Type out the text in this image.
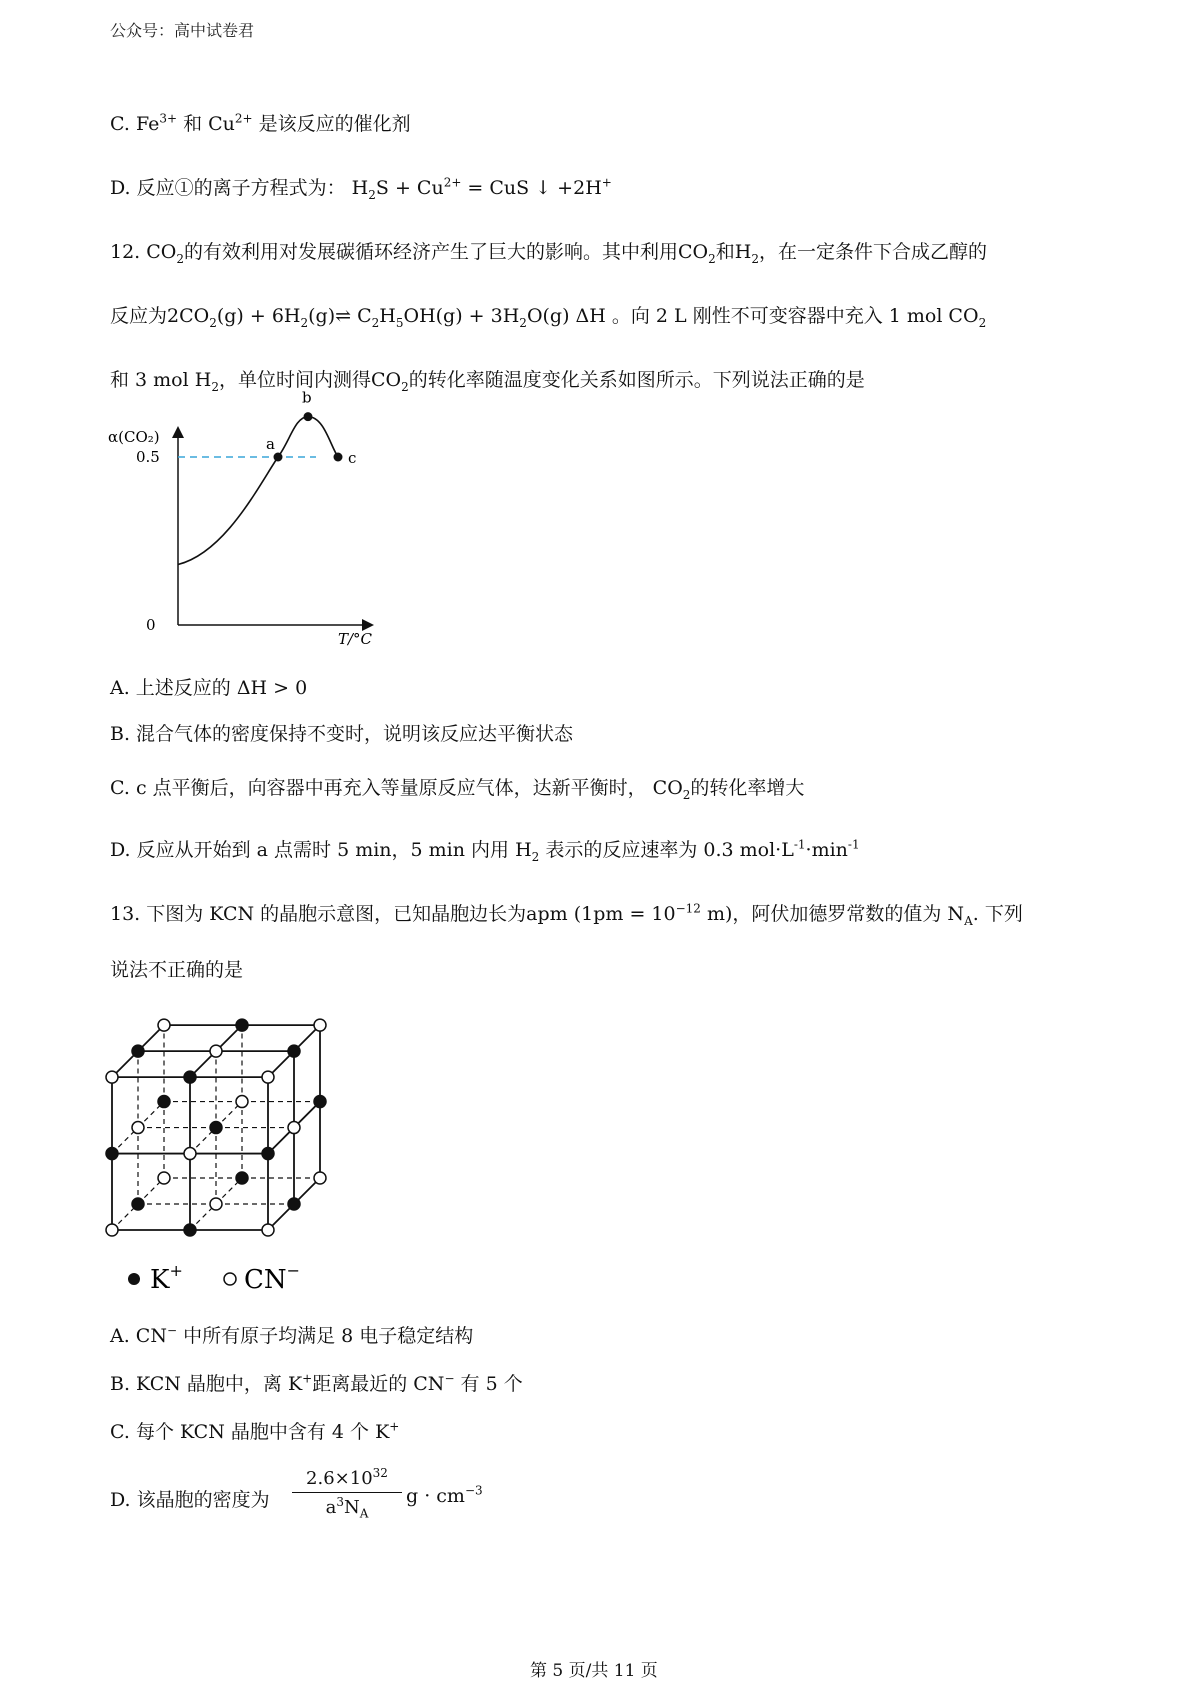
公众号：高中试卷君
C. $Fe^{3+}$ 和 $Cu^{2+}$ 是该反应的催化剂
D. 反应①的离子方程式为： $H_2S + Cu^{2+}$ = CuS ↓ +2H+
12. $CO_2$的有效利用对发展碳循环经济产生了巨大的影响。其中利用$CO_2$和$H_2$，在一定条件下合成乙醇的
反应为$2CO_2(g)$ + $6H_2(g)\rightleftharpoons$ $C_2H_5OH(g) + 3H_2O(g)$ ΔH 。向 2 L 刚性不可变容器中充入 1 mol $CO_2$
和 3 mol $H_2$，单位时间内测得$CO_2$的转化率随温度变化关系如图所示。下列说法正确的是
α(CO₂)
T/°C
0
0.5
a
b
c
A. 上述反应的 ΔH > 0
B. 混合气体的密度保持不变时，说明该反应达平衡状态
C. c 点平衡后，向容器中再充入等量原反应气体，达新平衡时， $CO_2$的转化率增大
D. 反应从开始到 a 点需时 5 min，5 min 内用 $H_2$ 表示的反应速率为 0.3 $mol\cdot L^{-1}\cdot\min^{-1}$
13. 下图为 KCN 的晶胞示意图，已知晶胞边长为apm ($1pm = 10^{-12}$ m)，阿伏加德罗常数的值为 $N_A$. 下列
说法不正确的是
K+ CN−
A. CN− 中所有原子均满足 8 电子稳定结构
B. KCN 晶胞中，离 K+距离最近的 CN− 有 5 个
C. 每个 KCN 晶胞中含有 4 个 K+
D. 该晶胞的密度为 $\frac{2.6\times 10^{32}}{a^3N_A}$ $g \cdot cm^{-3}$
第 5 页/共 11 页
